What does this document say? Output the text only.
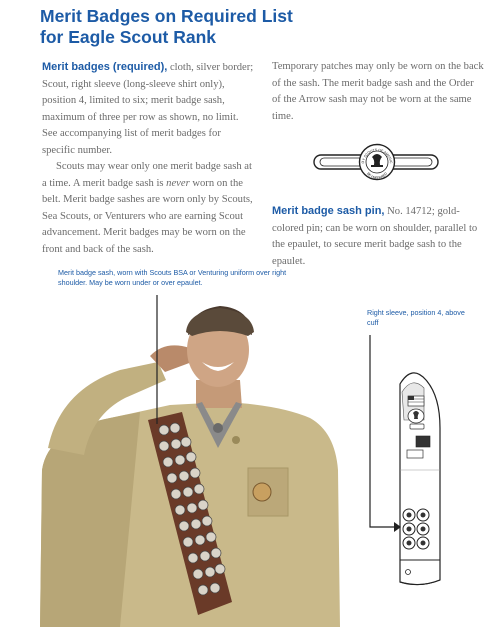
Merit Badges on Required List
for Eagle Scout Rank

Merit badges (required), cloth, silver border; Scout, right sleeve (long-sleeve shirt only), position 4, limited to six; merit badge sash, maximum of three per row as shown, no limit. See accompanying list of merit badges for specific number.

Scouts may wear only one merit badge sash at a time. A merit badge sash is never worn on the belt. Merit badge sashes are worn only by Scouts, Sea Scouts, or Venturers who are earning Scout advancement. Merit badges may be worn on the front and back of the sash.

Temporary patches may only be worn on the back of the sash. The merit badge sash and the Order of the Arrow sash may not be worn at the same time.

OY SCOUTS OF AMERIC
BE PREPARED

Merit badge sash pin, No. 14712; gold-colored pin; can be worn on shoulder, parallel to the epaulet, to secure merit badge sash to the epaulet.

Merit badge sash, worn with Scouts BSA or Venturing uniform over right shoulder. May be worn under or over epaulet.
Right sleeve, position 4, above cuff
